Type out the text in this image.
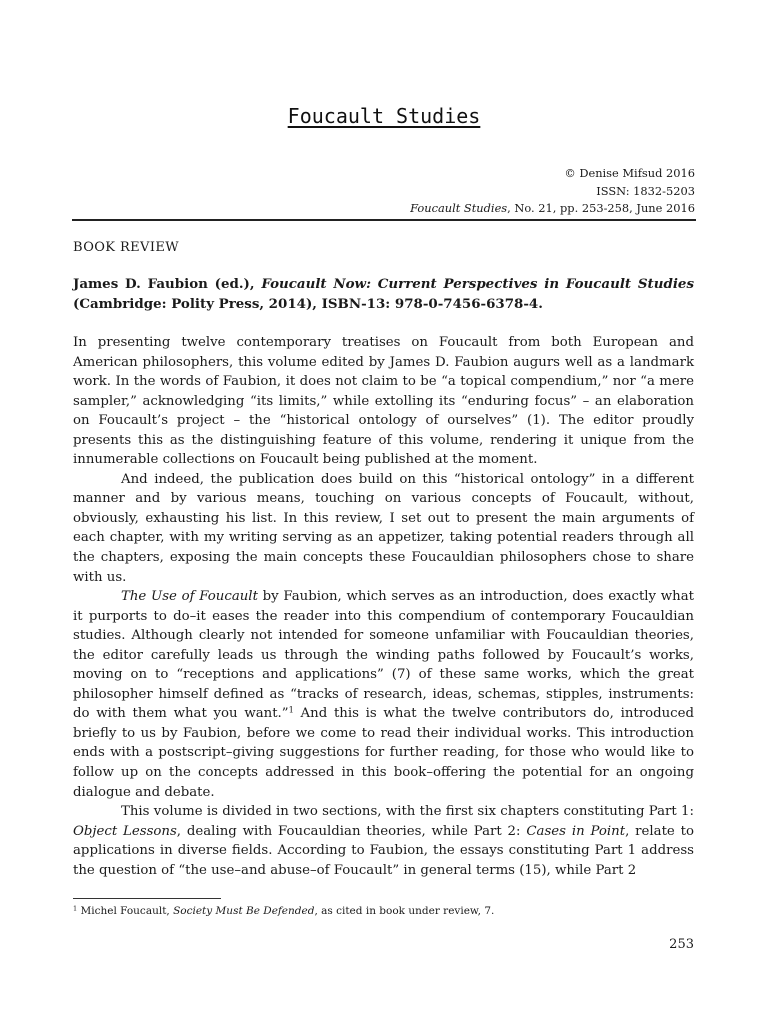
Foucault Studies
© Denise Mifsud 2016
ISSN: 1832-5203
Foucault Studies, No. 21, pp. 253-258, June 2016
BOOK REVIEW
James D. Faubion (ed.), Foucault Now: Current Perspectives in Foucault Studies (Cambridge: Polity Press, 2014), ISBN-13: 978-0-7456-6378-4.

In presenting twelve contemporary treatises on Foucault from both European and American philosophers, this volume edited by James D. Faubion augurs well as a landmark work. In the words of Faubion, it does not claim to be “a topical compendium,” nor “a mere sampler,” acknowledging “its limits,” while extolling its “enduring focus” – an elaboration on Foucault’s project – the “historical ontology of ourselves” (1). The editor proudly presents this as the distinguishing feature of this volume, rendering it unique from the innumerable collections on Foucault being published at the moment.

And indeed, the publication does build on this “historical ontology” in a different manner and by various means, touching on various concepts of Foucault, without, obviously, exhausting his list. In this review, I set out to present the main arguments of each chapter, with my writing serving as an appetizer, taking potential readers through all the chapters, exposing the main concepts these Foucauldian philosophers chose to share with us.

The Use of Foucault by Faubion, which serves as an introduction, does exactly what it purports to do–it eases the reader into this compendium of contemporary Foucauldian studies. Although clearly not intended for someone unfamiliar with Foucauldian theories, the editor carefully leads us through the winding paths followed by Foucault’s works, moving on to “receptions and applications” (7) of these same works, which the great philosopher himself defined as “tracks of research, ideas, schemas, stipples, instruments: do with them what you want.”$^1$ And this is what the twelve contributors do, introduced briefly to us by Faubion, before we come to read their individual works. This introduction ends with a postscript–giving suggestions for further reading, for those who would like to follow up on the concepts addressed in this book–offering the potential for an ongoing dialogue and debate.

This volume is divided in two sections, with the first six chapters constituting Part 1: Object Lessons, dealing with Foucauldian theories, while Part 2: Cases in Point, relate to applications in diverse fields. According to Faubion, the essays constituting Part 1 address the question of “the use–and abuse–of Foucault” in general terms (15), while Part 2

$^1$ Michel Foucault, Society Must Be Defended, as cited in book under review, 7.
253
